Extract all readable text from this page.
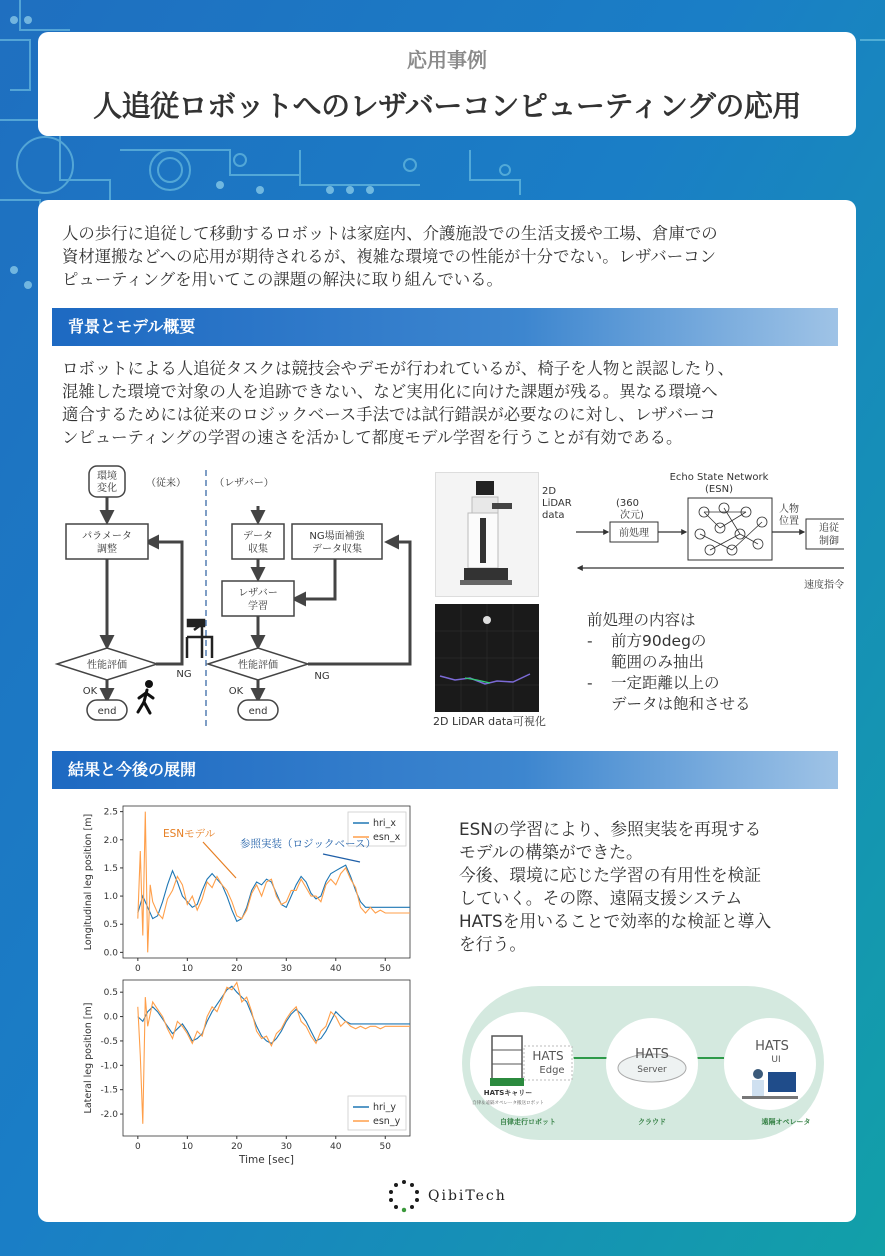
応用事例
人追従ロボットへのレザバーコンピューティングの応用
人の歩行に追従して移動するロボットは家庭内、介護施設での生活支援や工場、倉庫での
資材運搬などへの応用が期待されるが、複雑な環境での性能が十分でない。レザバーコン
ピューティングを用いてこの課題の解決に取り組んでいる。
背景とモデル概要
ロボットによる人追従タスクは競技会やデモが行われているが、椅子を人物と誤認したり、
混雑した環境で対象の人を追跡できない、など実用化に向けた課題が残る。異なる環境へ
適合するためには従来のロジックベース手法では試行錯誤が必要なのに対し、レザバーコ
ンピューティングの学習の速さを活かして都度モデル学習を行うことが有効である。
環境
変化	（従来）	（レザバー）
パラメータ
調整
データ
収集
NG場面補強
データ収集
レザバー
学習
性能評価	性能評価
OK	OK
NG	NG
end	end
2D LiDAR data可視化
2D
LiDAR
data
(360
次元)
Echo State Network
(ESN)
人物
位置
速度指令
前処理	追従
制御
前処理の内容は
-	前方90degの
範囲のみ抽出
-	一定距離以上の
データは飽和させる
結果と今後の展開
0	10	20	30	40	50
2.5
2.0
1.5
1.0
0.5
0.0
Longitudinal leg position [m]	hri_x
esn_x
ESNモデル
参照実装（ロジックベース）
0	10	20	30	40	50
0.5
0.0
-0.5
-1.0
-1.5
-2.0
Lateral leg position [m]
Time [sec]
hri_y
esn_y
ESNの学習により、参照実装を再現する
モデルの構築ができた。
今後、環境に応じた学習の有用性を検証
していく。その際、遠隔支援システム
HATSを用いることで効率的な検証と導入
を行う。
HATS
Edge
HATSキャリー
自律＆遠隔オペレータ搬送ロボット
自律走行ロボット
HATS
Server
クラウド
HATS
UI
遠隔オペレータ
QibiTech
